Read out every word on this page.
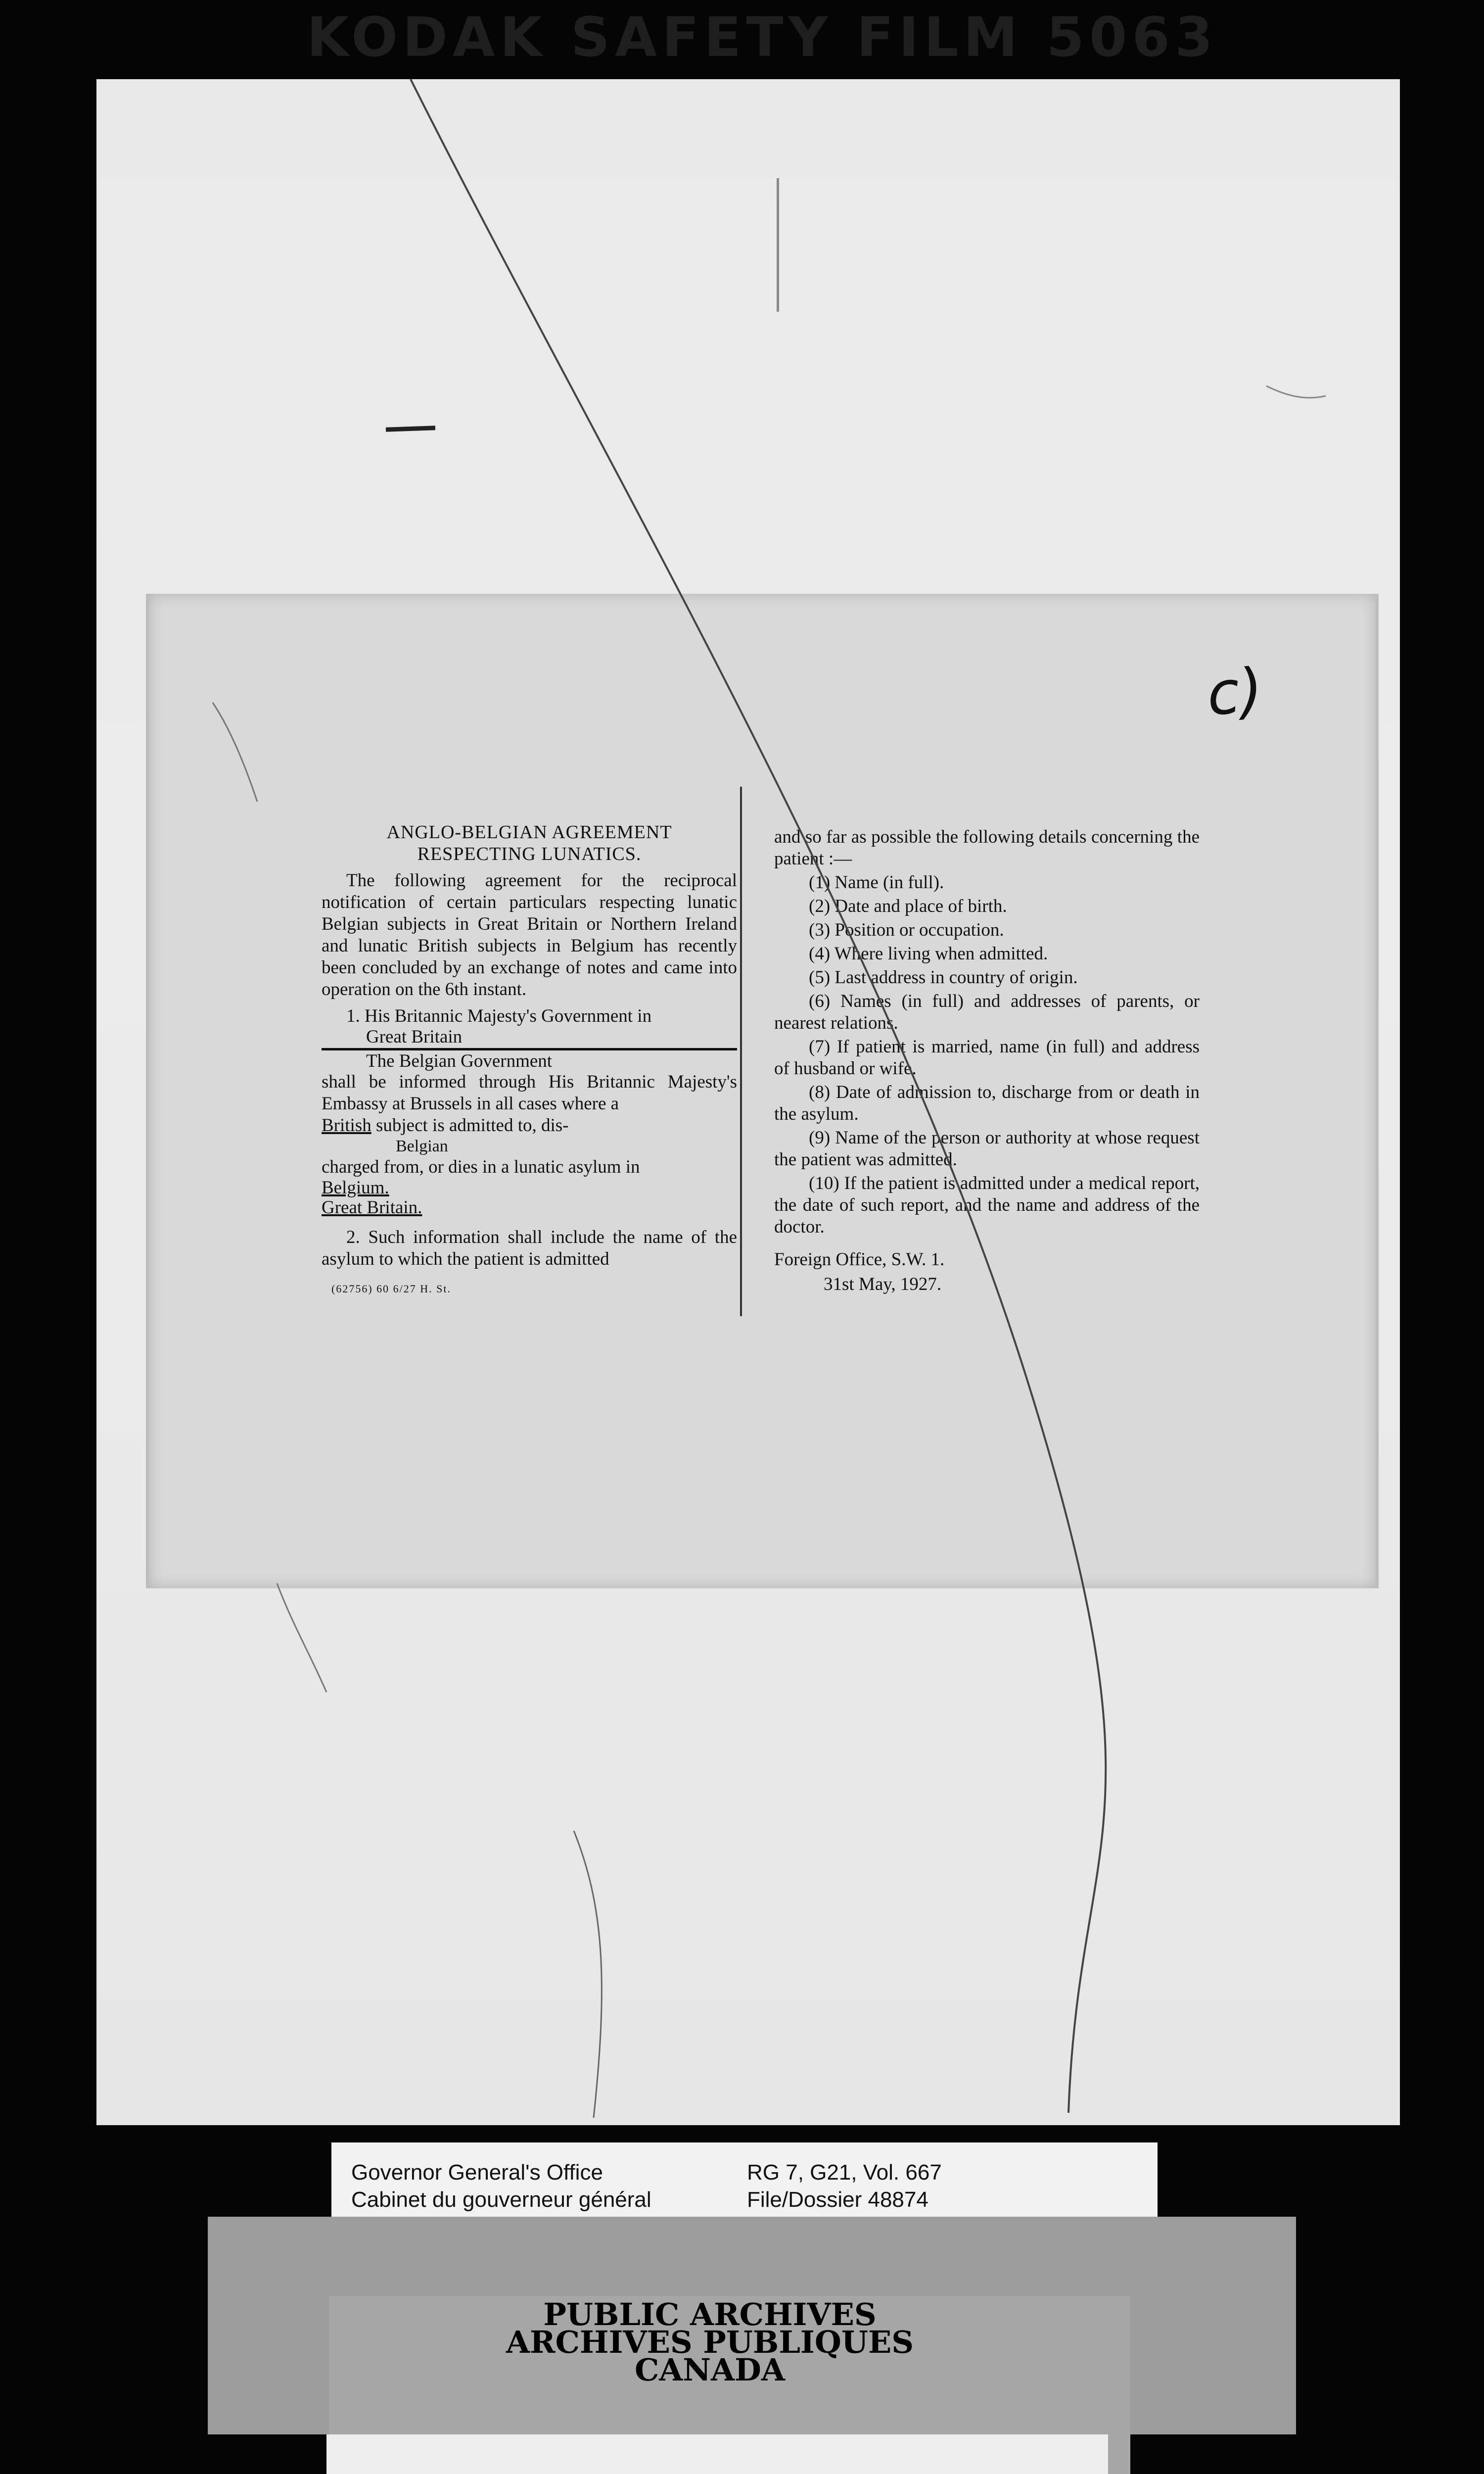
KODAK SAFETY FILM 5063
c)
ANGLO-BELGIAN AGREEMENT
RESPECTING LUNATICS.

The following agreement for the reciprocal notification of certain particulars respecting lunatic Belgian subjects in Great Britain or Northern Ireland and lunatic British subjects in Belgium has recently been concluded by an exchange of notes and came into operation on the 6th instant.

1. His Britannic Majesty's Government in

Great Britain
The Belgian Government

shall be informed through His Britannic Majesty's Embassy at Brussels in all cases where a

British subject is admitted to, dis-
Belgian

charged from, or dies in a lunatic asylum in

Belgium.
Great Britain.

2. Such information shall include the name of the asylum to which the patient is admitted

(62756) 60 6/27 H. St.

and so far as possible the following details concerning the patient :—

(1) Name (in full).

(2) Date and place of birth.

(3) Position or occupation.

(4) Where living when admitted.

(5) Last address in country of origin.

(6) Names (in full) and addresses of parents, or nearest relations.

(7) If patient is married, name (in full) and address of husband or wife.

(8) Date of admission to, discharge from or death in the asylum.

(9) Name of the person or authority at whose request the patient was admitted.

(10) If the patient is admitted under a medical report, the date of such report, and the name and address of the doctor.

Foreign Office, S.W. 1.

31st May, 1927.

Governor General's Office
Cabinet du gouverneur général
RG 7, G21, Vol. 667
File/Dossier 48874
PUBLIC ARCHIVES
ARCHIVES PUBLIQUES
CANADA
